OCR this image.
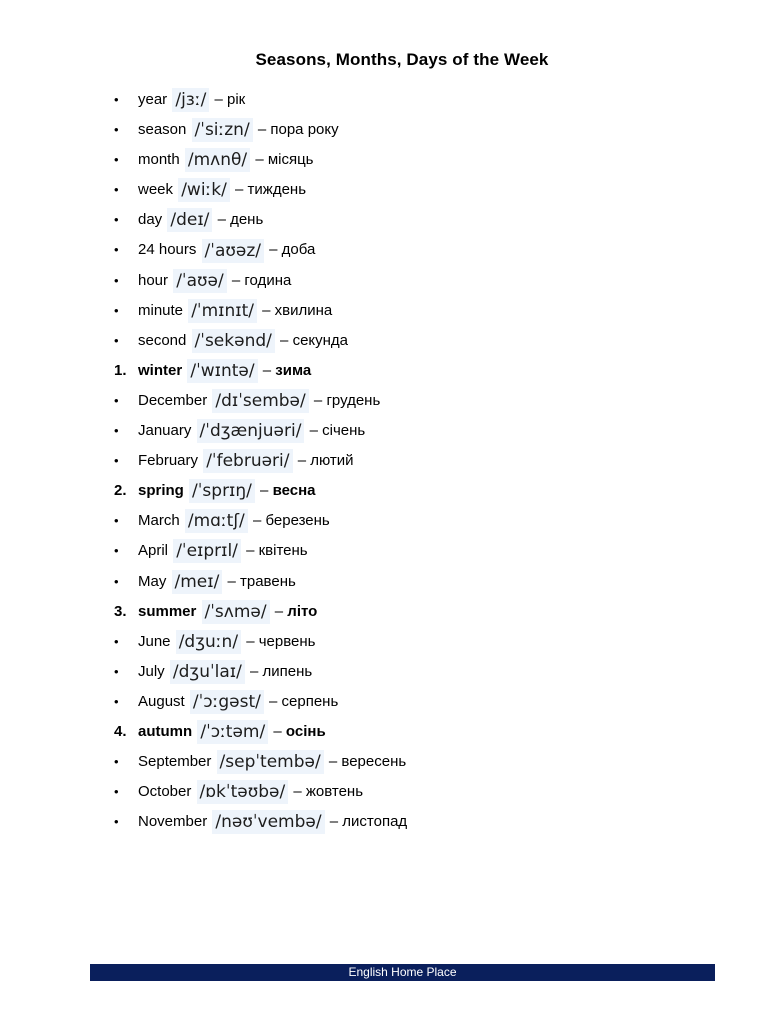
Seasons, Months, Days of the Week
•	year /jɜː/ – рік
•	season /ˈsiːzn/ – пора року
•	month /mʌnθ/ – місяць
•	week /wiːk/ – тиждень
•	day /deɪ/ – день
•	24 hours /ˈaʊəz/ – доба
•	hour /ˈaʊə/ – година
•	minute /ˈmɪnɪt/ – хвилина
•	second /ˈsekənd/ – секунда
1. winter /ˈwɪntə/ – зима
•	December /dɪˈsembə/ – грудень
•	January /ˈdʒænjuəri/ – січень
•	February /ˈfebruəri/ – лютий
2. spring /ˈsprɪŋ/ – весна
•	March /mɑːtʃ/ – березень
•	April /ˈeɪprɪl/ – квітень
•	May /meɪ/ – травень
3. summer /ˈsʌmə/ – літо
•	June /dʒuːn/ – червень
•	July /dʒuˈlaɪ/ – липень
•	August /ˈɔːgəst/ – серпень
4. autumn /ˈɔːtəm/ – осінь
•	September /sepˈtembə/ – вересень
•	October /ɒkˈtəʊbə/ – жовтень
•	November /nəʊˈvembə/ – листопад
English Home Place
